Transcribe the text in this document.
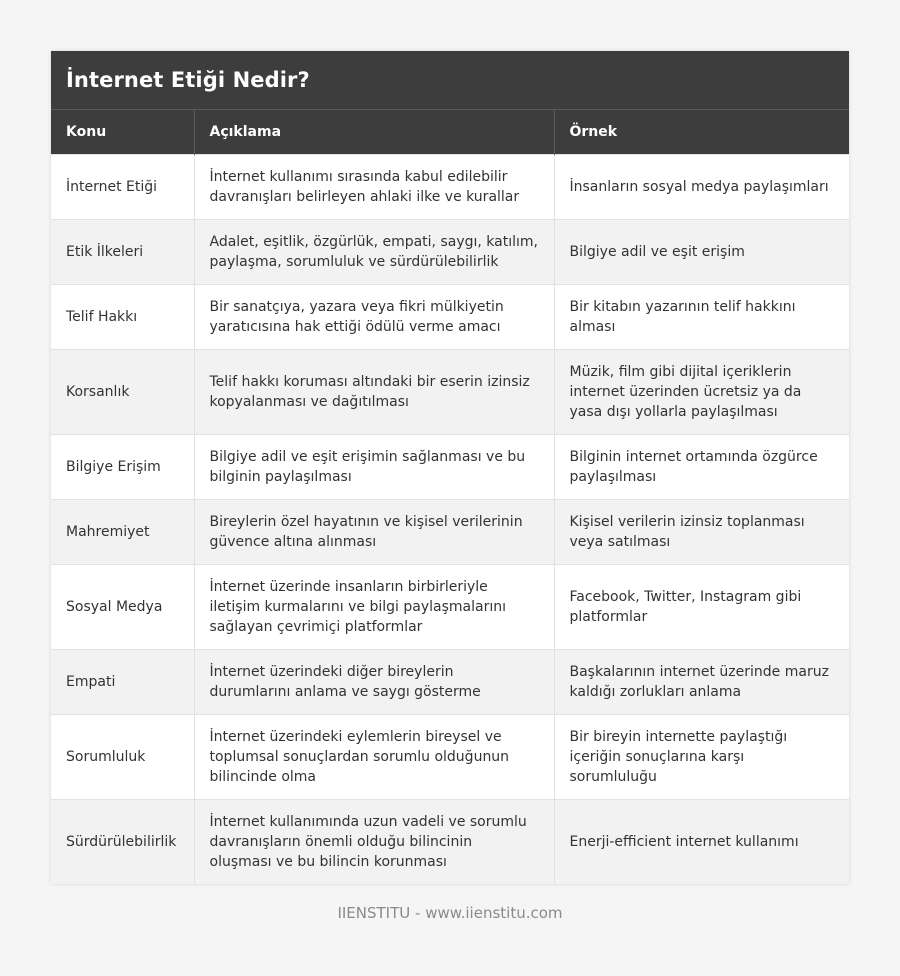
İnternet Etiği Nedir?
Konu	Açıklama	Örnek
İnternet Etiği	İnternet kullanımı sırasında kabul edilebilir davranışları belirleyen ahlaki ilke ve kurallar	İnsanların sosyal medya paylaşımları
Etik İlkeleri	Adalet, eşitlik, özgürlük, empati, saygı, katılım, paylaşma, sorumluluk ve sürdürülebilirlik	Bilgiye adil ve eşit erişim
Telif Hakkı	Bir sanatçıya, yazara veya fikri mülkiyetin yaratıcısına hak ettiği ödülü verme amacı	Bir kitabın yazarının telif hakkını alması
Korsanlık	Telif hakkı koruması altındaki bir eserin izinsiz kopyalanması ve dağıtılması	Müzik, film gibi dijital içeriklerin internet üzerinden ücretsiz ya da yasa dışı yollarla paylaşılması
Bilgiye Erişim	Bilgiye adil ve eşit erişimin sağlanması ve bu bilginin paylaşılması	Bilginin internet ortamında özgürce paylaşılması
Mahremiyet	Bireylerin özel hayatının ve kişisel verilerinin güvence altına alınması	Kişisel verilerin izinsiz toplanması veya satılması
Sosyal Medya	İnternet üzerinde insanların birbirleriyle iletişim kurmalarını ve bilgi paylaşmalarını sağlayan çevrimiçi platformlar	Facebook, Twitter, Instagram gibi platformlar
Empati	İnternet üzerindeki diğer bireylerin durumlarını anlama ve saygı gösterme	Başkalarının internet üzerinde maruz kaldığı zorlukları anlama
Sorumluluk	İnternet üzerindeki eylemlerin bireysel ve toplumsal sonuçlardan sorumlu olduğunun bilincinde olma	Bir bireyin internette paylaştığı içeriğin sonuçlarına karşı sorumluluğu
Sürdürülebilirlik	İnternet kullanımında uzun vadeli ve sorumlu davranışların önemli olduğu bilincinin oluşması ve bu bilincin korunması	Enerji-efficient internet kullanımı
IIENSTITU - www.iienstitu.com
